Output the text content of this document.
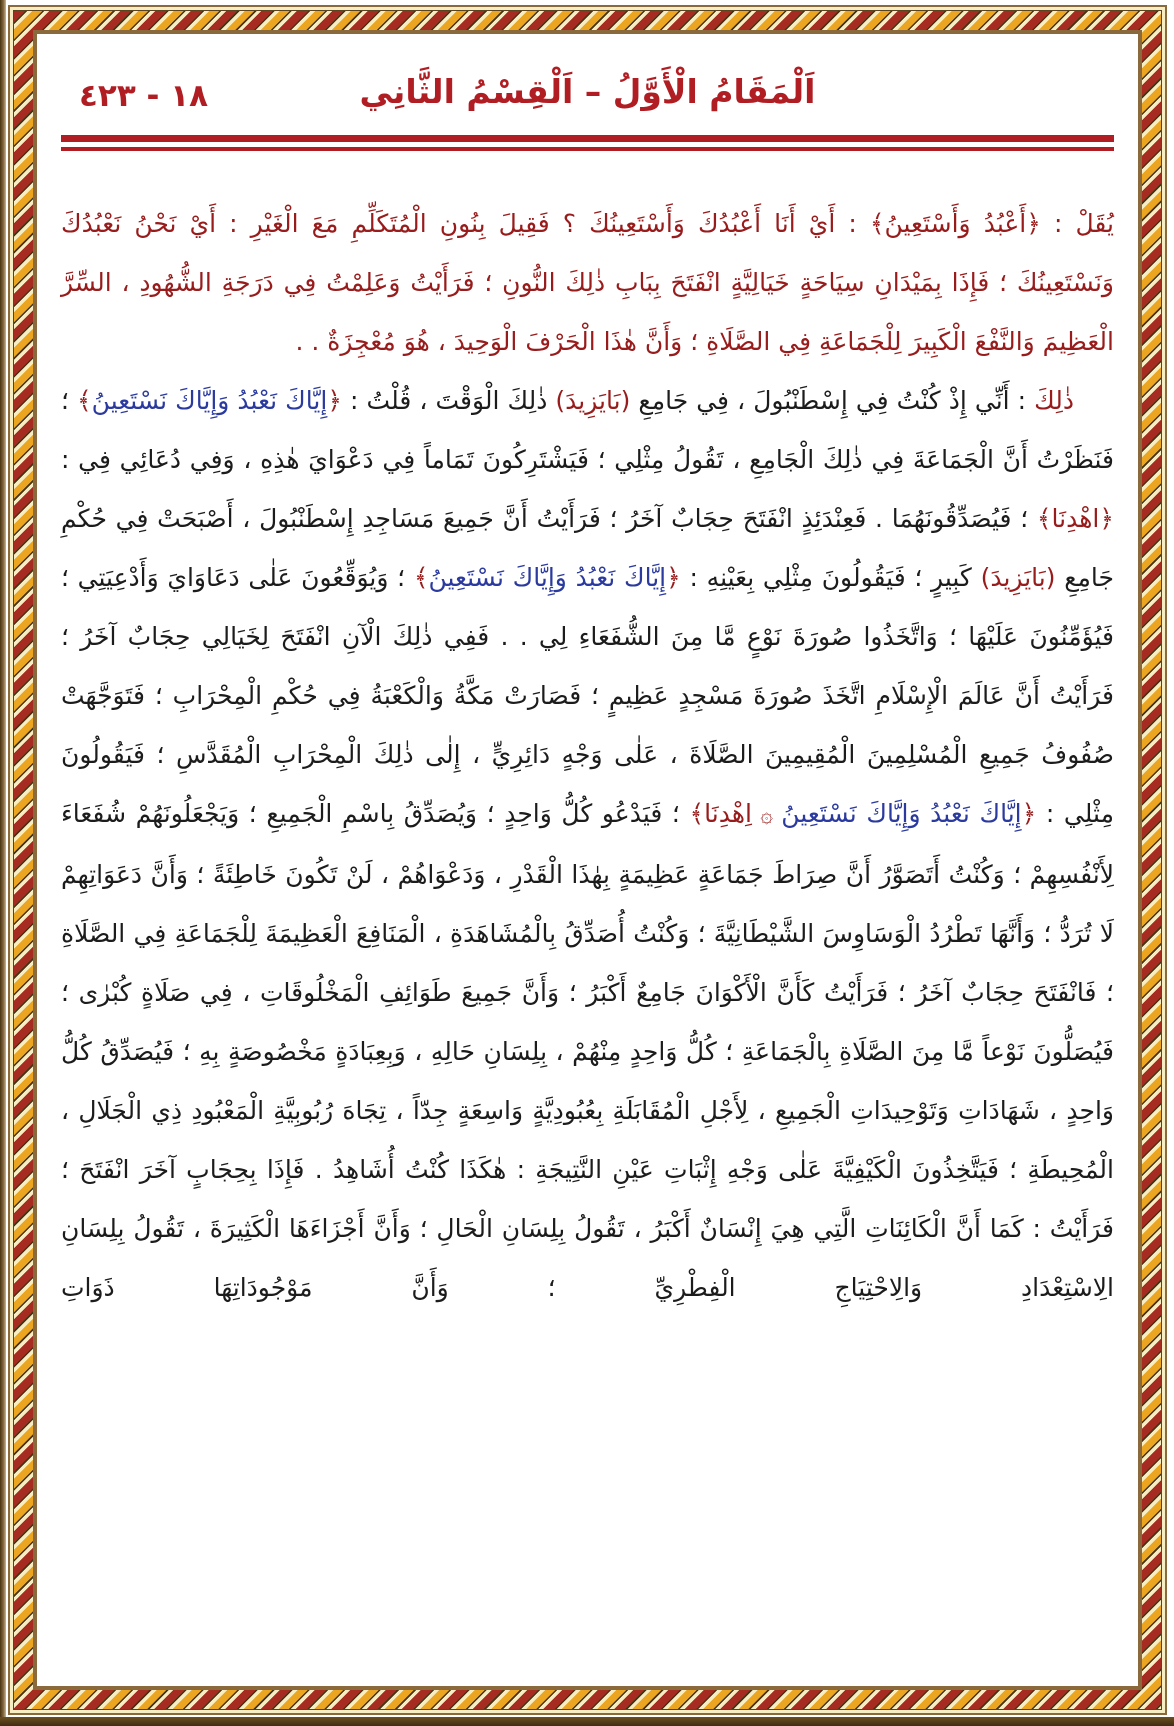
١٨ - ٤٢٣	اَلْمَقَامُ الْأَوَّلُ – اَلْقِسْمُ الثَّانِي

يُقَلْ : ﴿أَعْبُدُ وَأَسْتَعِينُ﴾ : أَيْ أَنَا أَعْبُدُكَ وَأَسْتَعِينُكَ ؟ فَقِيلَ بِنُونِ الْمُتَكَلِّمِ مَعَ الْغَيْرِ : أَيْ نَحْنُ نَعْبُدُكَ وَنَسْتَعِينُكَ ؛ فَإِذَا بِمَيْدَانِ سِيَاحَةٍ خَيَالِيَّةٍ انْفَتَحَ بِبَابِ ذٰلِكَ النُّونِ ؛ فَرَأَيْتُ وَعَلِمْتُ فِي دَرَجَةِ الشُّهُودِ ، السِّرَّ الْعَظِيمَ وَالنَّفْعَ الْكَبِيرَ لِلْجَمَاعَةِ فِي الصَّلَاةِ ؛ وَأَنَّ هٰذَا الْحَرْفَ الْوَحِيدَ ، هُوَ مُعْجِزَةٌ . .

ذٰلِكَ : أَنِّي إِذْ كُنْتُ فِي إِسْطَنْبُولَ ، فِي جَامِعِ (بَايَزِيدَ) ذٰلِكَ الْوَقْتَ ، قُلْتُ : ﴿إِيَّاكَ نَعْبُدُ وَإِيَّاكَ نَسْتَعِينُ﴾ ؛ فَنَظَرْتُ أَنَّ الْجَمَاعَةَ فِي ذٰلِكَ الْجَامِعِ ، تَقُولُ مِثْلِي ؛ فَيَشْتَرِكُونَ تَمَاماً فِي دَعْوَايَ هٰذِهِ ، وَفِي دُعَائِي فِي : ﴿اهْدِنَا﴾ ؛ فَيُصَدِّقُونَهُمَا . فَعِنْدَئِذٍ انْفَتَحَ حِجَابٌ آخَرُ ؛ فَرَأَيْتُ أَنَّ جَمِيعَ مَسَاجِدِ إِسْطَنْبُولَ ، أَصْبَحَتْ فِي حُكْمِ جَامِعِ (بَايَزِيدَ) كَبِيرٍ ؛ فَيَقُولُونَ مِثْلِي بِعَيْنِهِ : ﴿إِيَّاكَ نَعْبُدُ وَإِيَّاكَ نَسْتَعِينُ﴾ ؛ وَيُوَقِّعُونَ عَلٰى دَعَاوَايَ وَأَدْعِيَتِي ؛ فَيُؤَمِّنُونَ عَلَيْهَا ؛ وَاتَّخَذُوا صُورَةَ نَوْعٍ مَّا مِنَ الشُّفَعَاءِ لِي . . فَفِي ذٰلِكَ الْآنِ انْفَتَحَ لِخَيَالِي حِجَابٌ آخَرُ ؛ فَرَأَيْتُ أَنَّ عَالَمَ الْإِسْلَامِ اتَّخَذَ صُورَةَ مَسْجِدٍ عَظِيمٍ ؛ فَصَارَتْ مَكَّةُ وَالْكَعْبَةُ فِي حُكْمِ الْمِحْرَابِ ؛ فَتَوَجَّهَتْ صُفُوفُ جَمِيعِ الْمُسْلِمِينَ الْمُقِيمِينَ الصَّلَاةَ ، عَلٰى وَجْهٍ دَائِرِيٍّ ، إِلٰى ذٰلِكَ الْمِحْرَابِ الْمُقَدَّسِ ؛ فَيَقُولُونَ مِثْلِي : ﴿إِيَّاكَ نَعْبُدُ وَإِيَّاكَ نَسْتَعِينُ ۞ اِهْدِنَا﴾ ؛ فَيَدْعُو كُلُّ وَاحِدٍ ؛ وَيُصَدِّقُ بِاسْمِ الْجَمِيعِ ؛ وَيَجْعَلُونَهُمْ شُفَعَاءَ لِأَنْفُسِهِمْ ؛ وَكُنْتُ أَتَصَوَّرُ أَنَّ صِرَاطَ جَمَاعَةٍ عَظِيمَةٍ بِهٰذَا الْقَدْرِ ، وَدَعْوَاهُمْ ، لَنْ تَكُونَ خَاطِئَةً ؛ وَأَنَّ دَعَوَاتِهِمْ لَا تُرَدُّ ؛ وَأَنَّهَا تَطْرُدُ الْوَسَاوِسَ الشَّيْطَانِيَّةَ ؛ وَكُنْتُ أُصَدِّقُ بِالْمُشَاهَدَةِ ، الْمَنَافِعَ الْعَظِيمَةَ لِلْجَمَاعَةِ فِي الصَّلَاةِ ؛ فَانْفَتَحَ حِجَابٌ آخَرُ ؛ فَرَأَيْتُ كَأَنَّ الْأَكْوَانَ جَامِعٌ أَكْبَرُ ؛ وَأَنَّ جَمِيعَ طَوَائِفِ الْمَخْلُوقَاتِ ، فِي صَلَاةٍ كُبْرٰى ؛ فَيُصَلُّونَ نَوْعاً مَّا مِنَ الصَّلَاةِ بِالْجَمَاعَةِ ؛ كُلُّ وَاحِدٍ مِنْهُمْ ، بِلِسَانِ حَالِهِ ، وَبِعِبَادَةٍ مَخْصُوصَةٍ بِهِ ؛ فَيُصَدِّقُ كُلُّ وَاحِدٍ ، شَهَادَاتِ وَتَوْحِيدَاتِ الْجَمِيعِ ، لِأَجْلِ الْمُقَابَلَةِ بِعُبُودِيَّةٍ وَاسِعَةٍ جِدّاً ، تِجَاهَ رُبُوبِيَّةِ الْمَعْبُودِ ذِي الْجَلَالِ ، الْمُحِيطَةِ ؛ فَيَتَّخِذُونَ الْكَيْفِيَّةَ عَلٰى وَجْهِ إِثْبَاتِ عَيْنِ النَّتِيجَةِ : هٰكَذَا كُنْتُ أُشَاهِدُ . فَإِذَا بِحِجَابٍ آخَرَ انْفَتَحَ ؛ فَرَأَيْتُ : كَمَا أَنَّ الْكَائِنَاتِ الَّتِي هِيَ إِنْسَانٌ أَكْبَرُ ، تَقُولُ بِلِسَانِ الْحَالِ ؛ وَأَنَّ أَجْزَاءَهَا الْكَثِيرَةَ ، تَقُولُ بِلِسَانِ الِاسْتِعْدَادِ وَالِاحْتِيَاجِ الْفِطْرِيِّ ؛ وَأَنَّ مَوْجُودَاتِهَا ذَوَاتِ
